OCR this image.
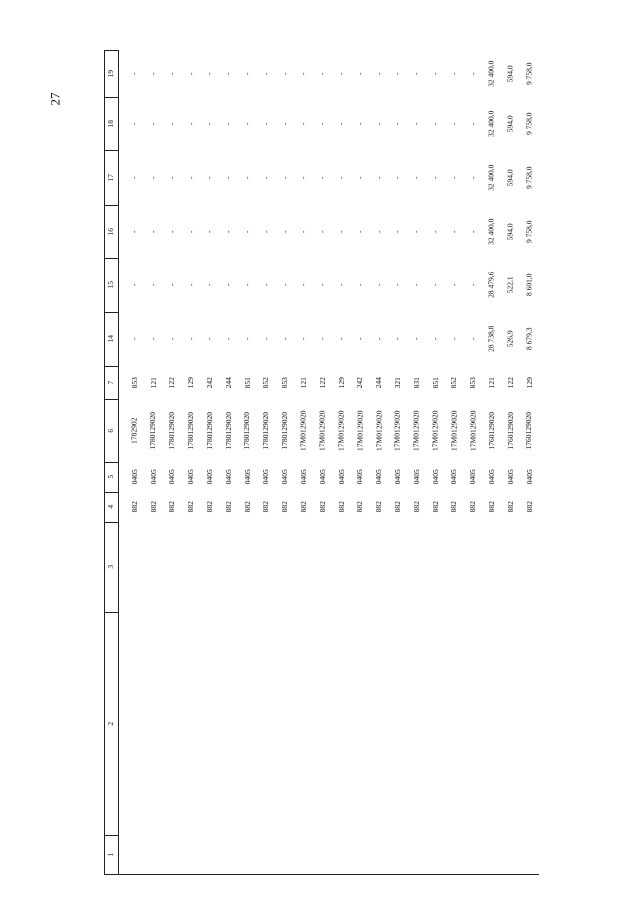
27
1
2
3
4
5
6
7
14
15
16
17
18
19
882
0405
1782902
853
-
-
-
-
-
-
882
0405
1780129020
121
-
-
-
-
-
-
882
0405
1780129020
122
-
-
-
-
-
-
882
0405
1780129020
129
-
-
-
-
-
-
882
0405
1780129020
242
-
-
-
-
-
-
882
0405
1780129020
244
-
-
-
-
-
-
882
0405
1780129020
851
-
-
-
-
-
-
882
0405
1780129020
852
-
-
-
-
-
-
882
0405
1780129020
853
-
-
-
-
-
-
882
0405
17M0129020
121
-
-
-
-
-
-
882
0405
17M0129020
122
-
-
-
-
-
-
882
0405
17M0129020
129
-
-
-
-
-
-
882
0405
17M0129020
242
-
-
-
-
-
-
882
0405
17M0129020
244
-
-
-
-
-
-
882
0405
17M0129020
321
-
-
-
-
-
-
882
0405
17M0129020
831
-
-
-
-
-
-
882
0405
17M0129020
851
-
-
-
-
-
-
882
0405
17M0129020
852
-
-
-
-
-
-
882
0405
17M0129020
853
-
-
-
-
-
-
882
0405
1760129020
121
28 738,8
28 479,6
32 400,0
32 400,0
32 400,0
32 400,0
882
0405
1760129020
122
526,9
522,1
594,0
594,0
594,0
594,0
882
0405
1760129020
129
8 679,3
8 601,0
9 758,0
9 758,0
9 758,0
9 758,0
